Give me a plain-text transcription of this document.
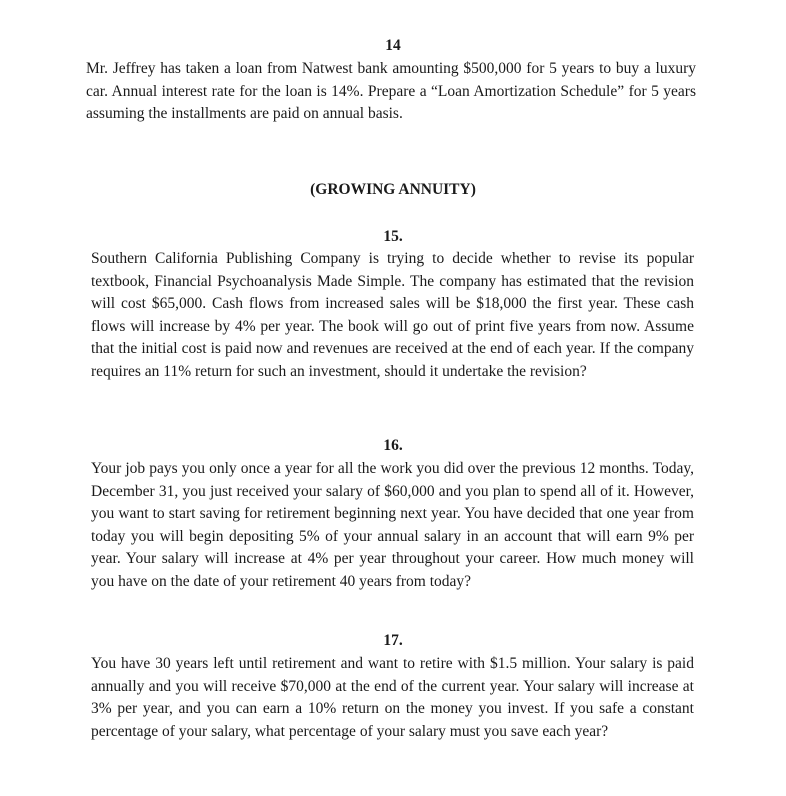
14
Mr. Jeffrey has taken a loan from Natwest bank amounting $500,000 for 5 years to buy a luxury car. Annual interest rate for the loan is 14%. Prepare a “Loan Amortization Schedule” for 5 years assuming the installments are paid on annual basis.
(GROWING ANNUITY)
15.
Southern California Publishing Company is trying to decide whether to revise its popular textbook, Financial Psychoanalysis Made Simple. The company has estimated that the revision will cost $65,000. Cash flows from increased sales will be $18,000 the first year. These cash flows will increase by 4% per year. The book will go out of print five years from now. Assume that the initial cost is paid now and revenues are received at the end of each year. If the company requires an 11% return for such an investment, should it undertake the revision?
16.
Your job pays you only once a year for all the work you did over the previous 12 months. Today, December 31, you just received your salary of $60,000 and you plan to spend all of it. However, you want to start saving for retirement beginning next year. You have decided that one year from today you will begin depositing 5% of your annual salary in an account that will earn 9% per year. Your salary will increase at 4% per year throughout your career. How much money will you have on the date of your retirement 40 years from today?
17.
You have 30 years left until retirement and want to retire with $1.5 million. Your salary is paid annually and you will receive $70,000 at the end of the current year. Your salary will increase at 3% per year, and you can earn a 10% return on the money you invest. If you safe a constant percentage of your salary, what percentage of your salary must you save each year?
